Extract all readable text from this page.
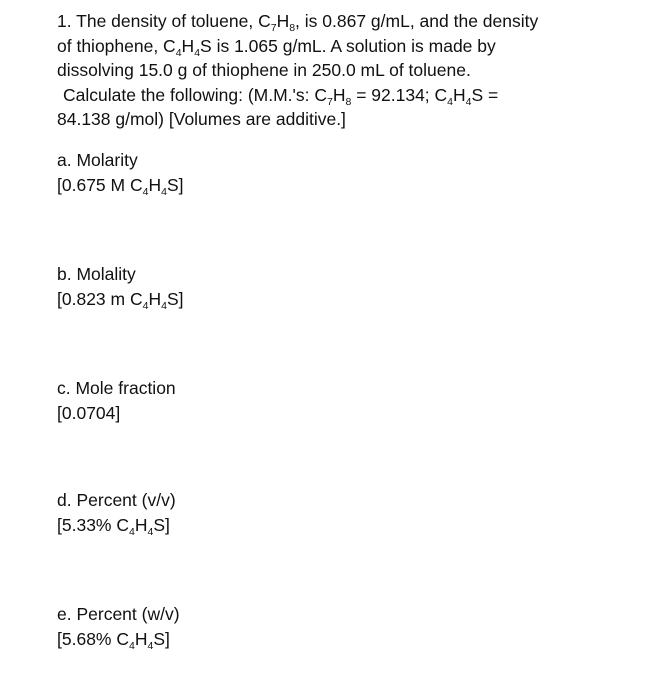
1. The density of toluene, $C_7H_8$, is 0.867 g/mL, and the density
of thiophene, $C_4H_4S$ is 1.065 g/mL. A solution is made by
dissolving 15.0 g of thiophene in 250.0 mL of toluene.
Calculate the following: (M.M.'s: $C_7H_8 = 92.134$; $C_4H_4S$ =
84.138 g/mol) [Volumes are additive.]
a. Molarity
[0.675 M $C_4H_4S$]
b. Molality
[0.823 m $C_4H_4S$]
c. Mole fraction
[0.0704]
d. Percent (v/v)
[5.33% $C_4H_4S$]
e. Percent (w/v)
[5.68% $C_4H_4S$]
